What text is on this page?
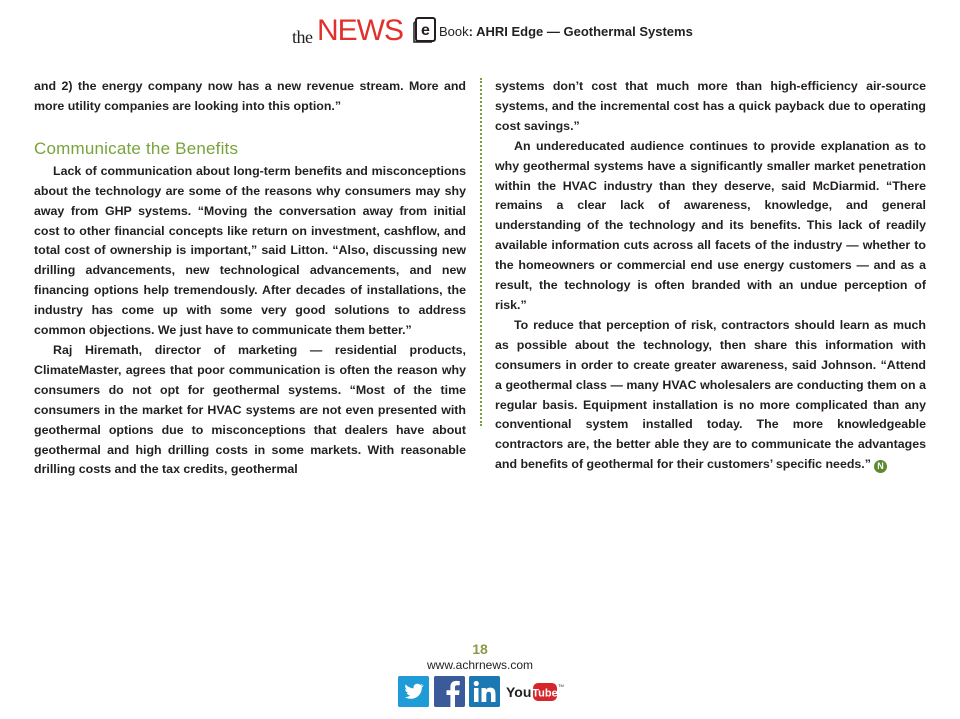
the NEWS e Book: AHRI Edge — Geothermal Systems

and 2) the energy company now has a new revenue stream. More and more utility companies are looking into this option.”

Communicate the Benefits

Lack of communication about long-term benefits and misconceptions about the technology are some of the reasons why consumers may shy away from GHP systems. “Moving the conversation away from initial cost to other financial concepts like return on investment, cashflow, and total cost of ownership is important,” said Litton. “Also, discussing new drilling advancements, new technological advancements, and new financing options help tremendously. After decades of installations, the industry has come up with some very good solutions to address common objections. We just have to communicate them better.”

Raj Hiremath, director of marketing — residential products, ClimateMaster, agrees that poor communication is often the reason why consumers do not opt for geothermal systems. “Most of the time consumers in the market for HVAC systems are not even presented with geothermal options due to misconceptions that dealers have about geothermal and high drilling costs in some markets. With reasonable drilling costs and the tax credits, geothermal

systems don’t cost that much more than high-efficiency air-source systems, and the incremental cost has a quick payback due to operating cost savings.”

An undereducated audience continues to provide explanation as to why geothermal systems have a significantly smaller market penetration within the HVAC industry than they deserve, said McDiarmid. “There remains a clear lack of awareness, knowledge, and general understanding of the technology and its benefits. This lack of readily available information cuts across all facets of the industry — whether to the homeowners or commercial end use energy customers — and as a result, the technology is often branded with an undue perception of risk.”

To reduce that perception of risk, contractors should learn as much as possible about the technology, then share this information with consumers in order to create greater awareness, said Johnson. “Attend a geothermal class — many HVAC wholesalers are conducting them on a regular basis. Equipment installation is no more complicated than any conventional system installed today. The more knowledgeable contractors are, the better able they are to communicate the advantages and benefits of geothermal for their customers’ specific needs.” N

18
www.achrnews.com
You Tube
TM
